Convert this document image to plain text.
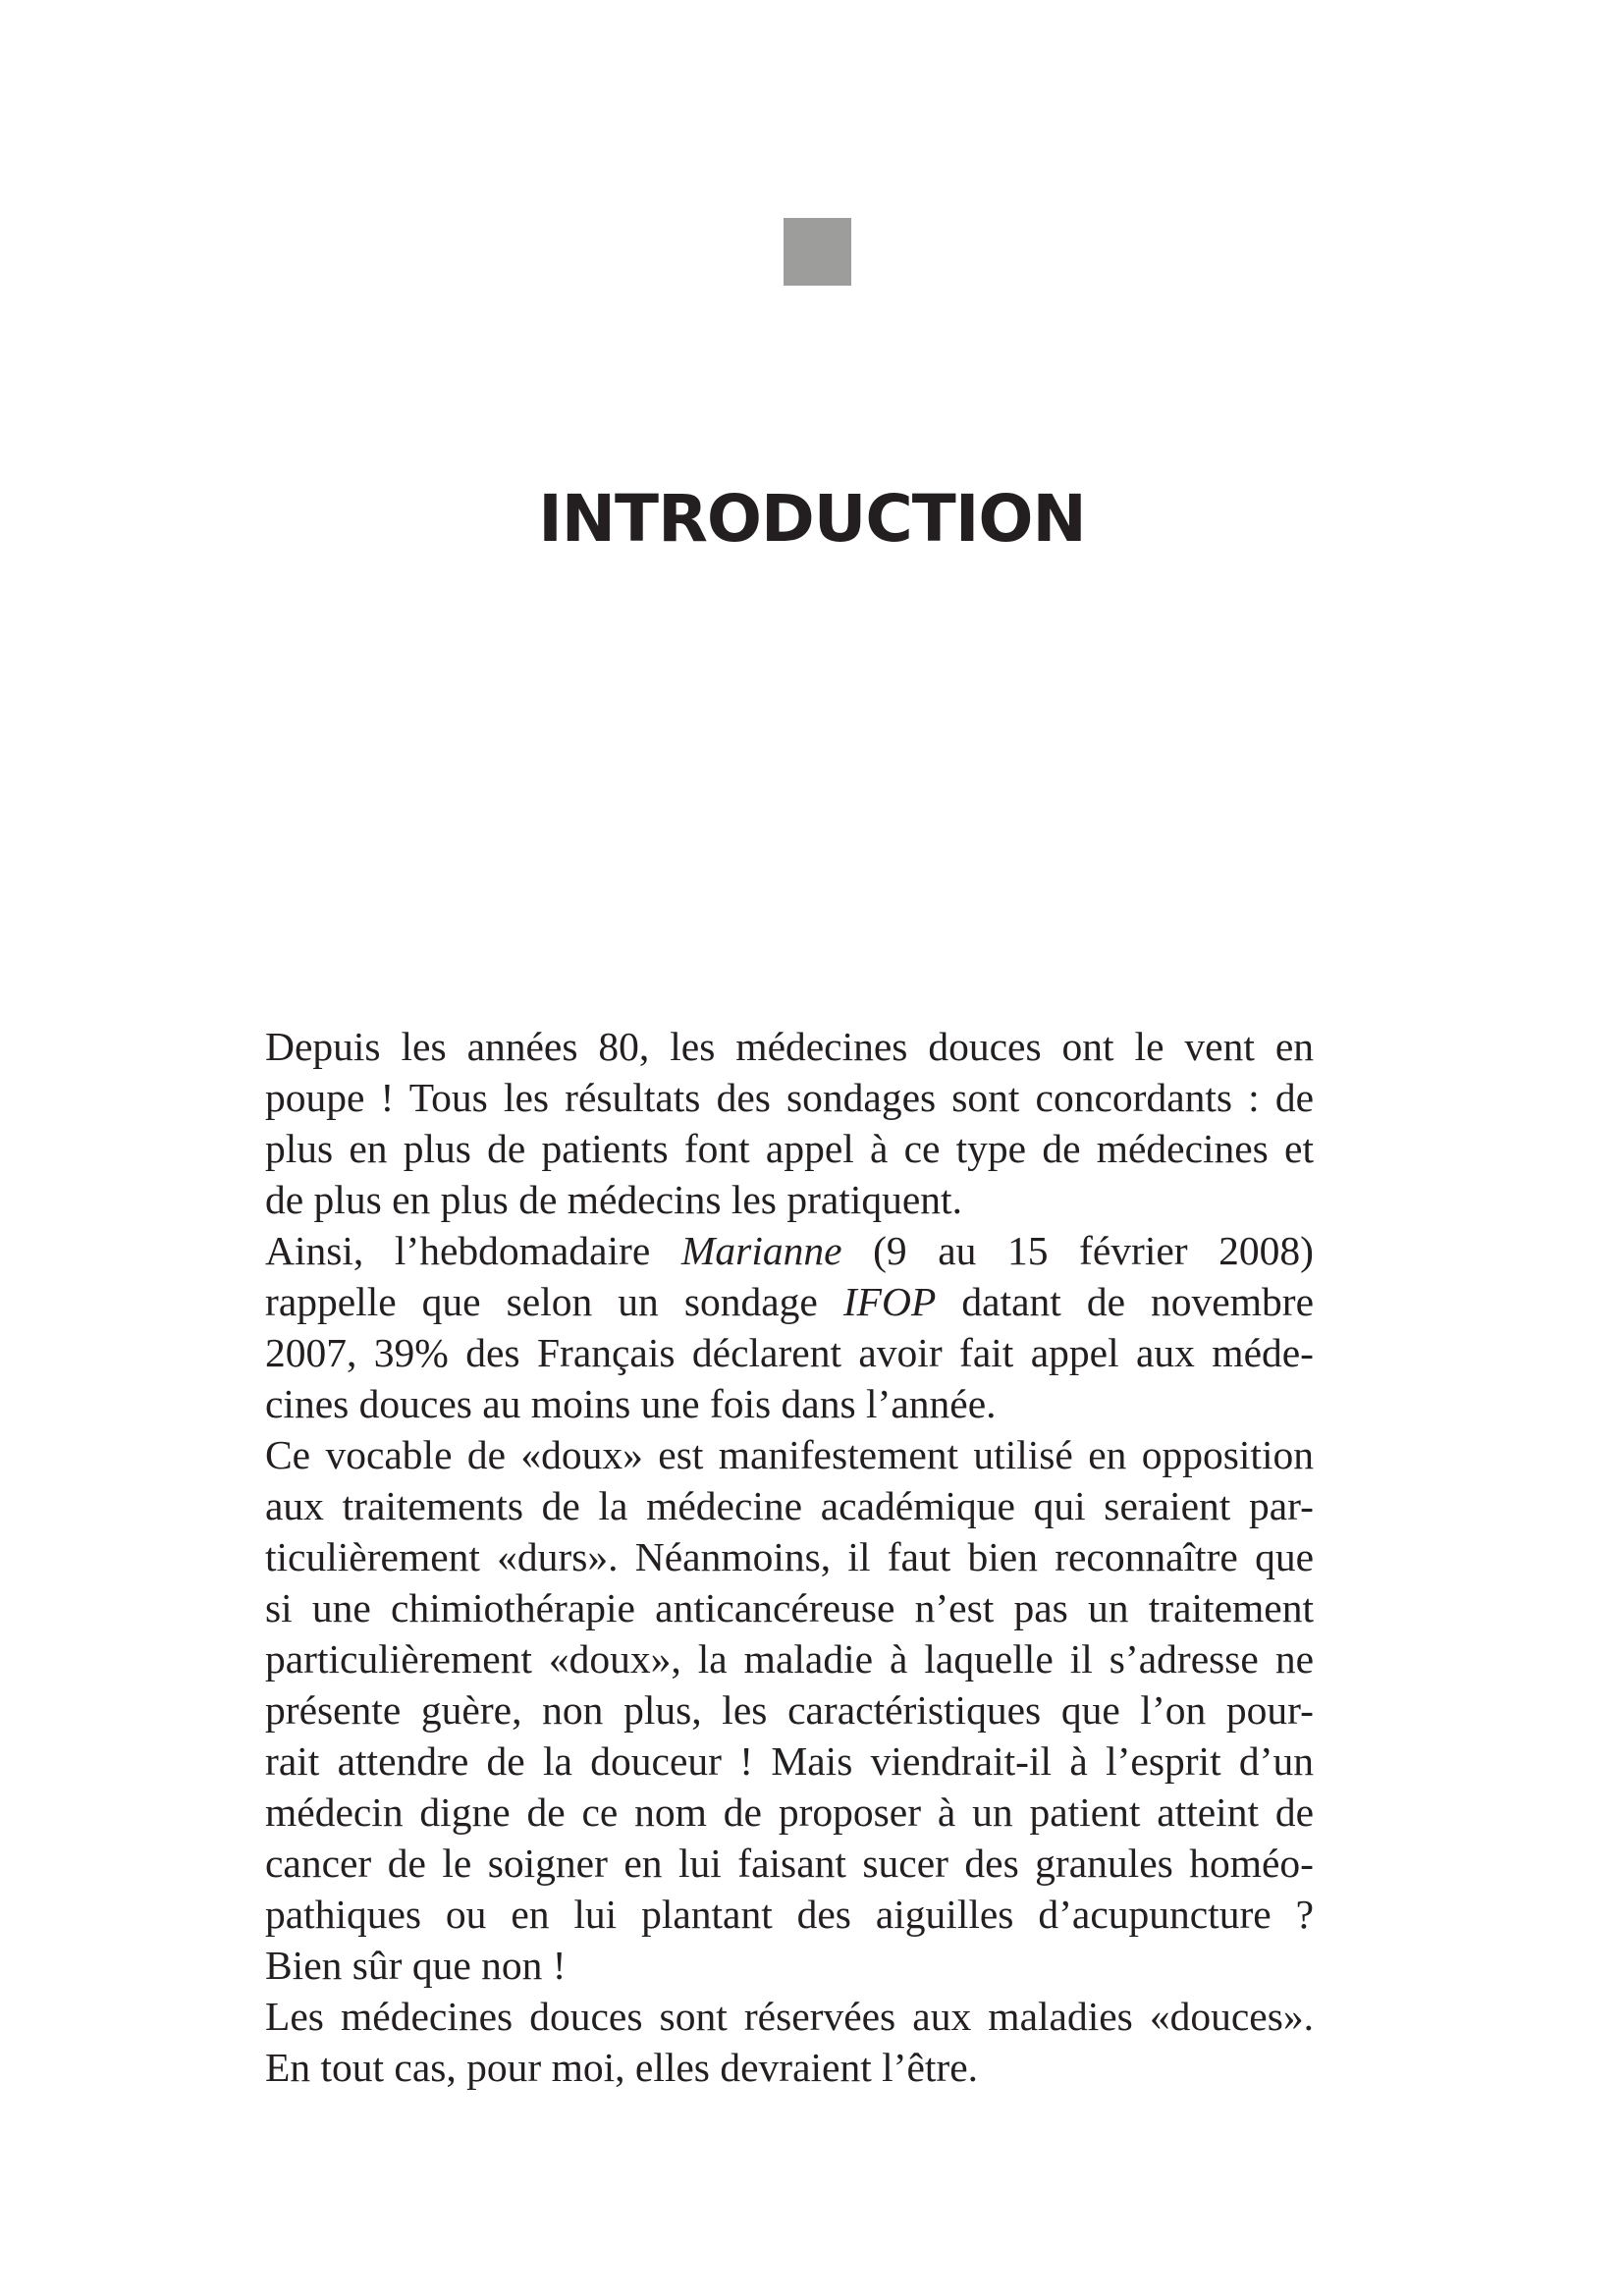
INTRODUCTION
Depuis les années 80, les médecines douces ont le vent en
poupe ! Tous les résultats des sondages sont concordants : de
plus en plus de patients font appel à ce type de médecines et
de plus en plus de médecins les pratiquent.
Ainsi, l’hebdomadaire Marianne (9 au 15 février 2008)
rappelle que selon un sondage IFOP datant de novembre
2007, 39% des Français déclarent avoir fait appel aux méde-
cines douces au moins une fois dans l’année.
Ce vocable de «doux» est manifestement utilisé en opposition
aux traitements de la médecine académique qui seraient par-
ticulièrement «durs». Néanmoins, il faut bien reconnaître que
si une chimiothérapie anticancéreuse n’est pas un traitement
particulièrement «doux», la maladie à laquelle il s’adresse ne
présente guère, non plus, les caractéristiques que l’on pour-
rait attendre de la douceur ! Mais viendrait-il à l’esprit d’un
médecin digne de ce nom de proposer à un patient atteint de
cancer de le soigner en lui faisant sucer des granules homéo-
pathiques ou en lui plantant des aiguilles d’acupuncture ?
Bien sûr que non !
Les médecines douces sont réservées aux maladies «douces».
En tout cas, pour moi, elles devraient l’être.
